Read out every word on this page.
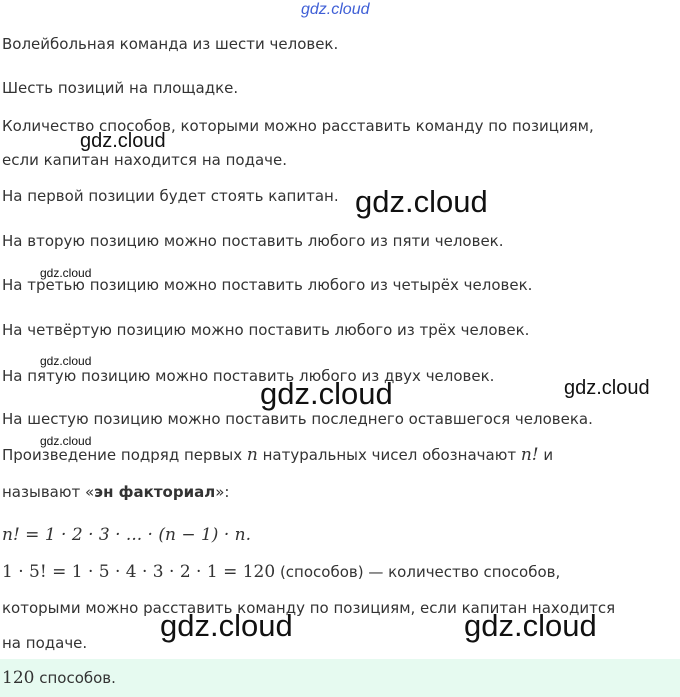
gdz.cloud
gdz.cloud
gdz.cloud
gdz.cloud
gdz.cloud
gdz.cloud	gdz.cloud
gdz.cloud
gdz.cloud	gdz.cloud
Волейбольная команда из шести человек.
Шесть позиций на площадке.
Количество способов, которыми можно расставить команду по позициям,
если капитан находится на подаче.
На первой позиции будет стоять капитан.
На вторую позицию можно поставить любого из пяти человек.
На третью позицию можно поставить любого из четырёх человек.
На четвёртую позицию можно поставить любого из трёх человек.
На пятую позицию можно поставить любого из двух человек.
На шестую позицию можно поставить последнего оставшегося человека.
Произведение подряд первых n натуральных чисел обозначают n! и
называют «эн факториал»:
n! = 1 · 2 · 3 · ... · (n − 1) · n.
1 · 5! = 1 · 5 · 4 · 3 · 2 · 1 = 120 (способов) — количество способов,
которыми можно расставить команду по позициям, если капитан находится
на подаче.
120 способов.
